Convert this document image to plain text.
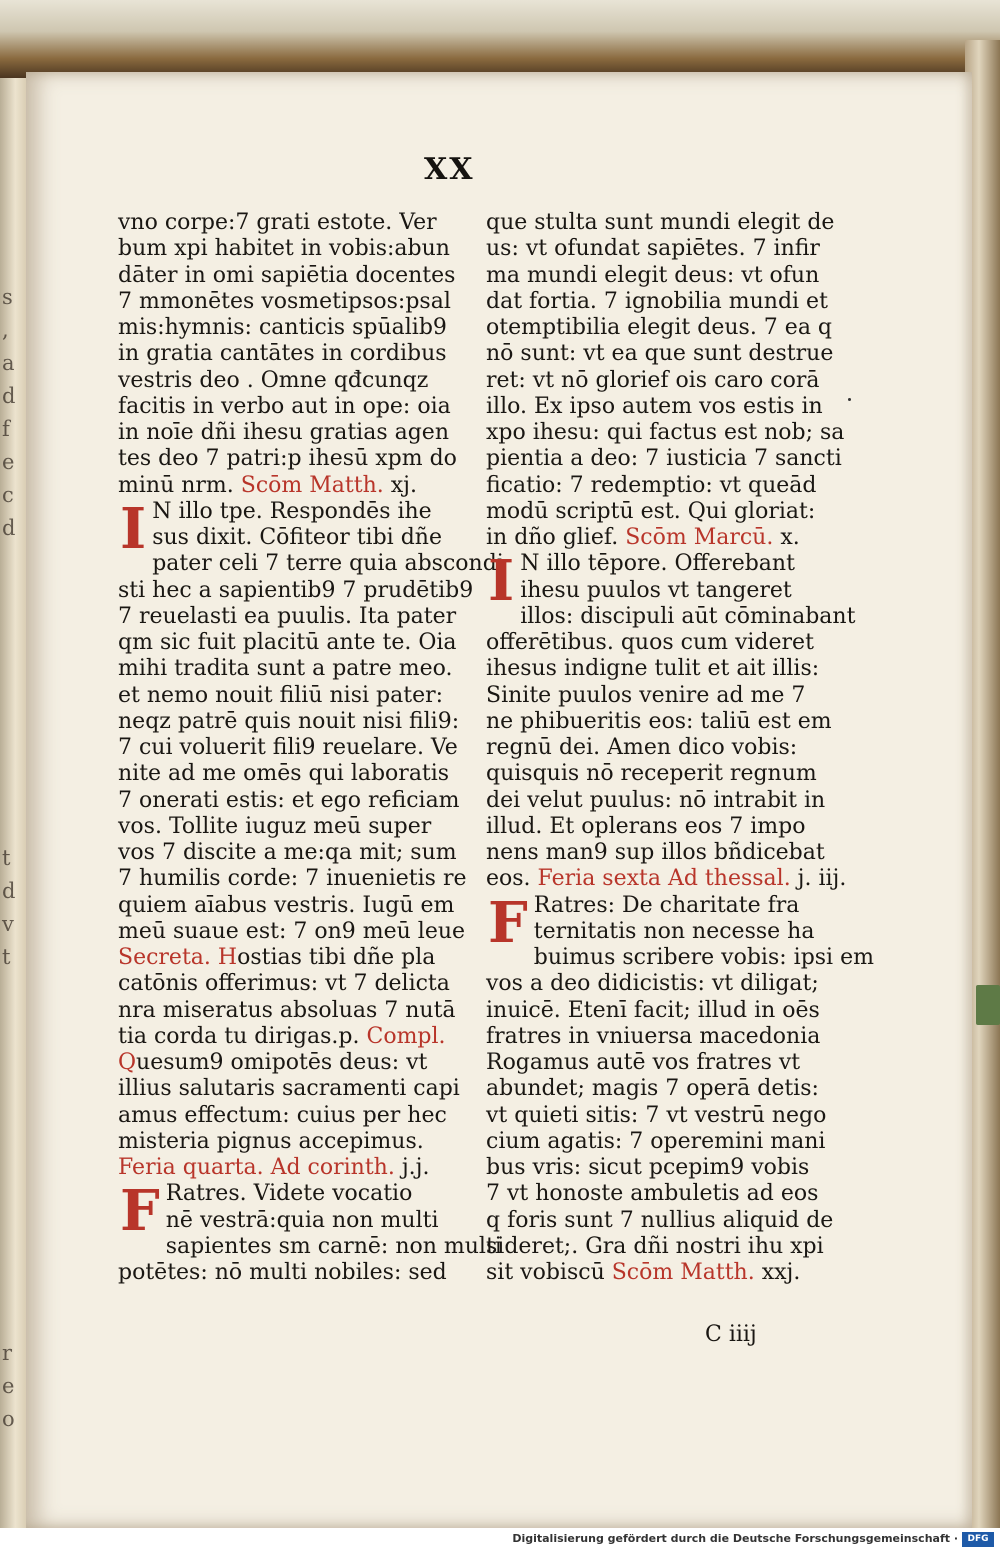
s
,
a
d
f
e
c
d

t
d
v
t

r
e
o
XX
vno corpe:7 grati estote. Ver
bum xpi habitet in vobis:abun
dāter in omi sapiētia docentes
7 mmonētes vosmetipsos:psal
mis:hymnis: canticis spūalib9
in gratia cantātes in cordibus
vestris deo . Omne qđcunqz
facitis in verbo aut in ope: oia
in noīe dñi ihesu gratias agen
tes deo 7 patri:p ihesū xpm do
minū nrm. Scōm Matth. xj.
I N illo tpe. Respondēs ihe
sus dixit. Cōfiteor tibi dñe
pater celi 7 terre quia abscondi
sti hec a sapientib9 7 prudētib9
7 reuelasti ea puulis. Ita pater
qm sic fuit placitū ante te. Oia
mihi tradita sunt a patre meo.
et nemo nouit filiū nisi pater:
neqz patrē quis nouit nisi fili9:
7 cui voluerit fili9 reuelare. Ve
nite ad me omēs qui laboratis
7 onerati estis: et ego reficiam
vos. Tollite iuguz meū super
vos 7 discite a me:qa mit; sum
7 humilis corde: 7 inuenietis re
quiem aīabus vestris. Iugū em
meū suaue est: 7 on9 meū leue
Secreta. Hostias tibi dñe pla
catōnis offerimus: vt 7 delicta
nra miseratus absoluas 7 nutā
tia corda tu dirigas.p. Compl.
Quesum9 omipotēs deus: vt
illius salutaris sacramenti capi
amus effectum: cuius per hec
misteria pignus accepimus.
Feria quarta. Ad corinth. j.j.
F Ratres. Videte vocatio
nē vestrā:quia non multi
sapientes sm carnē: non multi
potētes: nō multi nobiles: sed
que stulta sunt mundi elegit de
us: vt ofundat sapiētes. 7 infir
ma mundi elegit deus: vt ofun
dat fortia. 7 ignobilia mundi et
otemptibilia elegit deus. 7 ea q
nō sunt: vt ea que sunt destrue
ret: vt nō glorief ois caro corā
illo. Ex ipso autem vos estis in
xpo ihesu: qui factus est nob; sa
pientia a deo: 7 iusticia 7 sancti
ficatio: 7 redemptio: vt queād
modū scriptū est. Qui gloriat:
in dño glief. Scōm Marcū. x.
I N illo tēpore. Offerebant
ihesu puulos vt tangeret
illos: discipuli aūt cōminabant
offerētibus. quos cum videret
ihesus indigne tulit et ait illis:
Sinite puulos venire ad me 7
ne phibueritis eos: taliū est em
regnū dei. Amen dico vobis:
quisquis nō receperit regnum
dei velut puulus: nō intrabit in
illud. Et oplerans eos 7 impo
nens man9 sup illos bñdicebat
eos. Feria sexta Ad thessal. j. iij.
F Ratres: De charitate fra
ternitatis non necesse ha
buimus scribere vobis: ipsi em
vos a deo didicistis: vt diligat;
inuicē. Etenī facit; illud in oēs
fratres in vniuersa macedonia
Rogamus autē vos fratres vt
abundet; magis 7 operā detis:
vt quieti sitis: 7 vt vestrū nego
cium agatis: 7 operemini mani
bus vris: sicut pcepim9 vobis
7 vt honoste ambuletis ad eos
q foris sunt 7 nullius aliquid de
sideret;. Gra dñi nostri ihu xpi
sit vobiscū Scōm Matth. xxj.
C iiij
Digitalisierung gefördert durch die Deutsche Forschungsgemeinschaft ·	DFG
